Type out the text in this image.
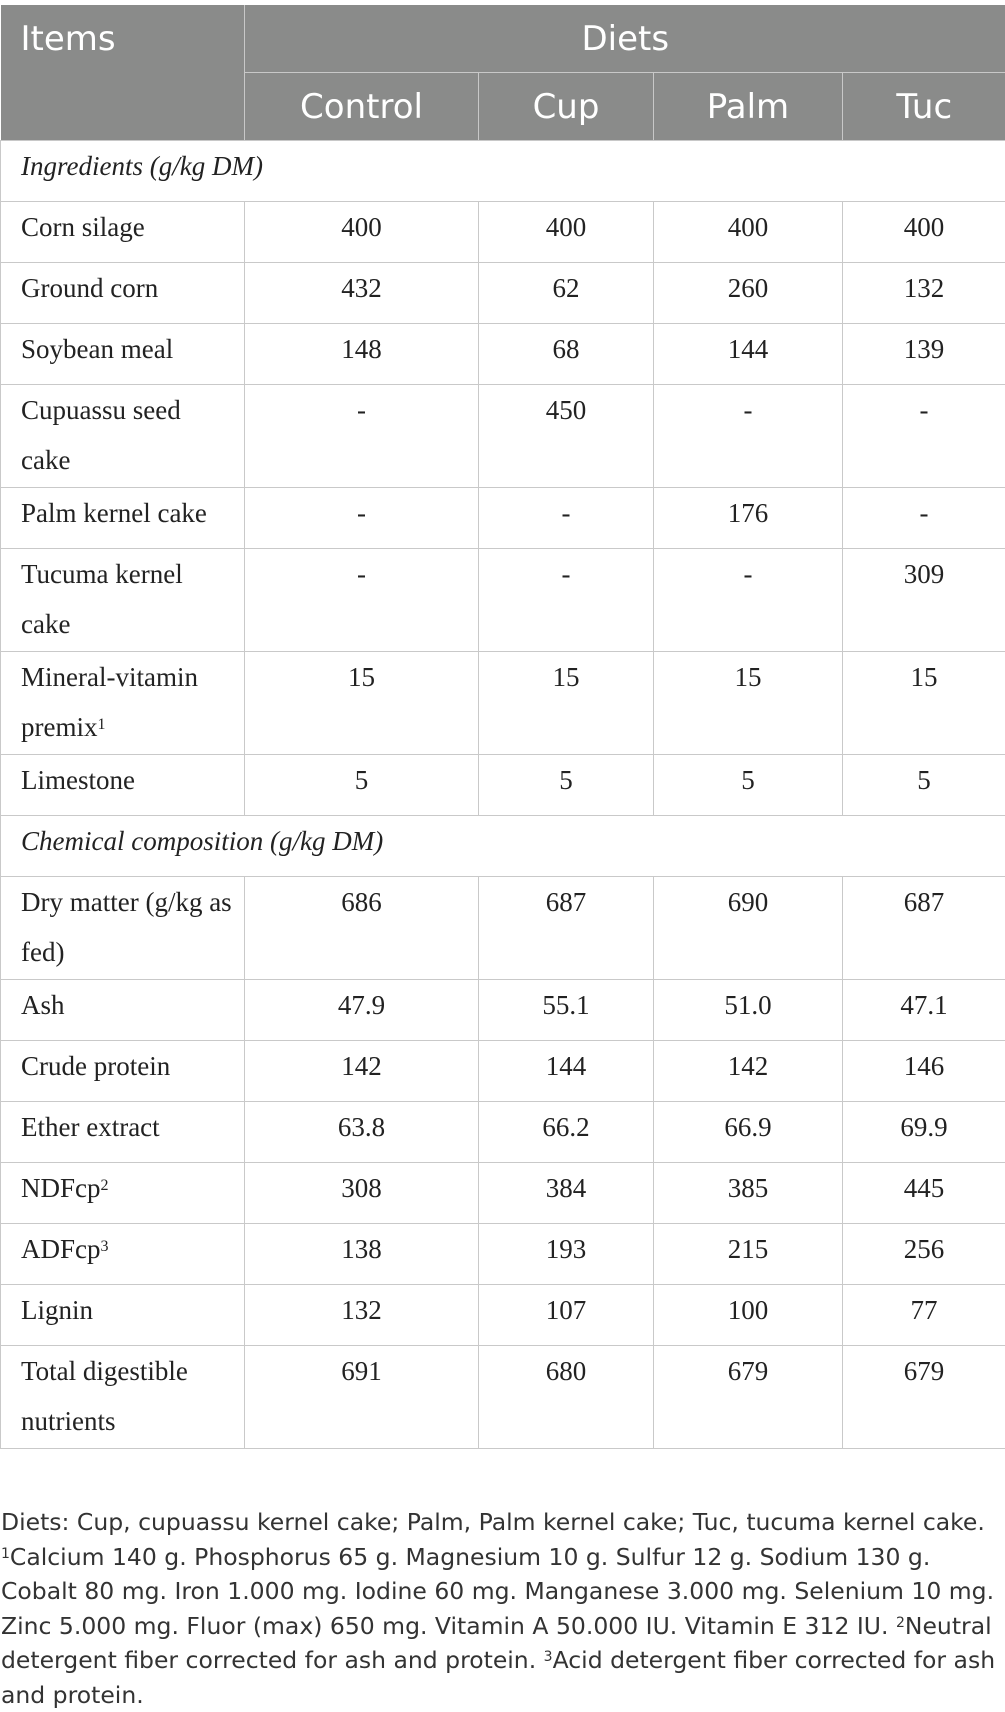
Items	Diets			
	Control	Cup	Palm	Tuc
Ingredients (g/kg DM)				
Corn silage	400	400	400	400
Ground corn	432	62	260	132
Soybean meal	148	68	144	139
Cupuassu seed cake	-	450	-	-
Palm kernel cake	-	-	176	-
Tucuma kernel cake	-	-	-	309
Mineral-vitamin premix$^1$	15	15	15	15
Limestone	5	5	5	5
Chemical composition (g/kg DM)				
Dry matter (g/kg as fed)	686	687	690	687
Ash	47.9	55.1	51.0	47.1
Crude protein	142	144	142	146
Ether extract	63.8	66.2	66.9	69.9
NDFcp$^2$	308	384	385	445
ADFcp$^3$	138	193	215	256
Lignin	132	107	100	77
Total digestible nutrients	691	680	679	679

Diets: Cup, cupuassu kernel cake; Palm, Palm kernel cake; Tuc, tucuma kernel cake.

$^1$Calcium 140 g. Phosphorus 65 g. Magnesium 10 g. Sulfur 12 g. Sodium 130 g. Cobalt 80 mg. Iron 1.000 mg. Iodine 60 mg. Manganese 3.000 mg. Selenium 10 mg. Zinc 5.000 mg. Fluor (max) 650 mg. Vitamin A 50.000 IU. Vitamin E 312 IU. $^2$Neutral detergent fiber corrected for ash and protein. $^3$Acid detergent fiber corrected for ash and protein.
